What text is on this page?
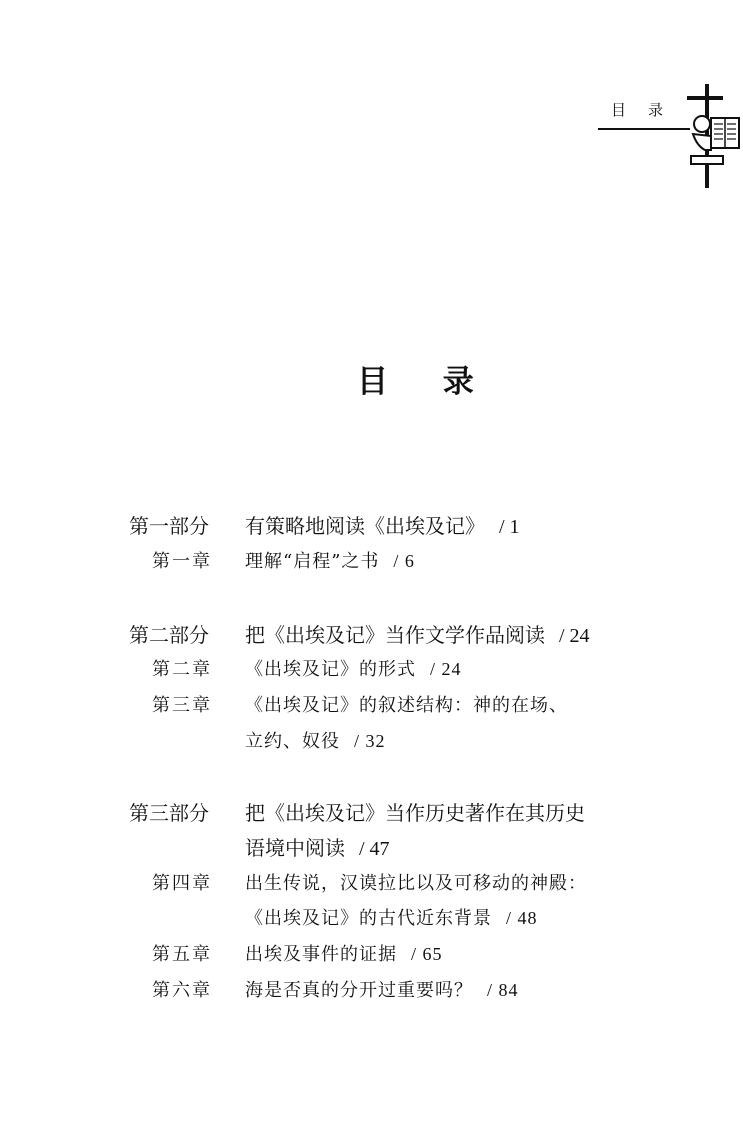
目录
目 录
第一部分 有策略地阅读《出埃及记》 / 1
第一章 理解“启程”之书 / 6
第二部分 把《出埃及记》当作文学作品阅读 / 24
第二章 《出埃及记》的形式 / 24
第三章 《出埃及记》的叙述结构：神的在场、
立约、奴役 / 32
第三部分 把《出埃及记》当作历史著作在其历史
语境中阅读 / 47
第四章 出生传说，汉谟拉比以及可移动的神殿：
《出埃及记》的古代近东背景 / 48
第五章 出埃及事件的证据 / 65
第六章 海是否真的分开过重要吗？ / 84
